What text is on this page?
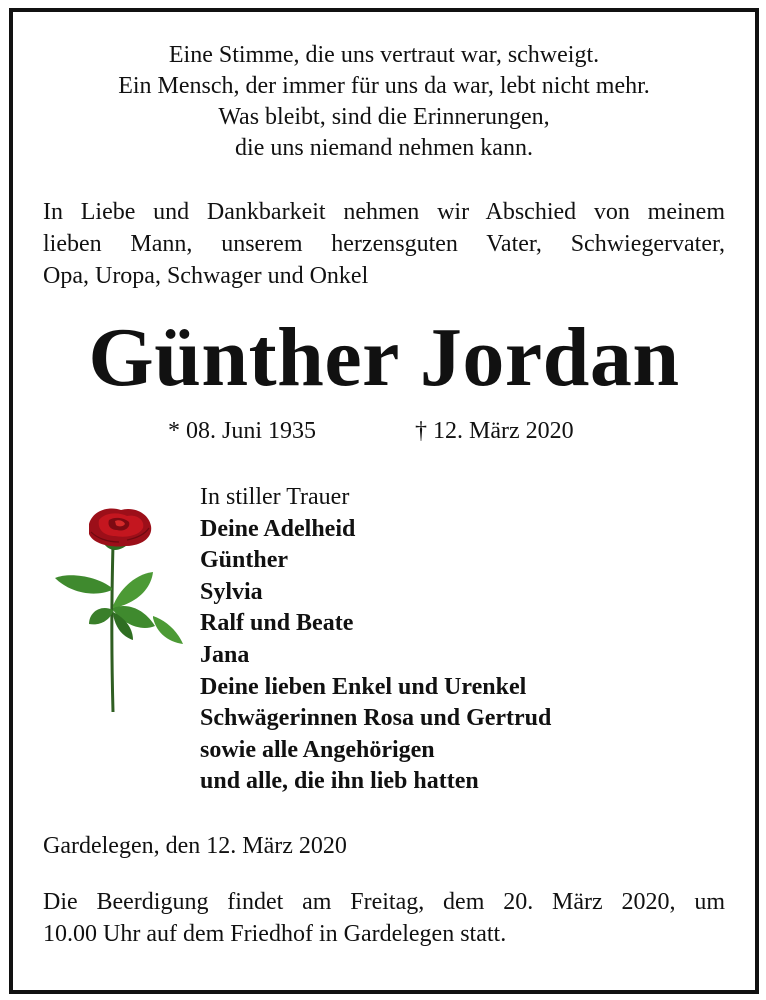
Eine Stimme, die uns vertraut war, schweigt.
Ein Mensch, der immer für uns da war, lebt nicht mehr.
Was bleibt, sind die Erinnerungen,
die uns niemand nehmen kann.
In Liebe und Dankbarkeit nehmen wir Abschied von meinem
lieben Mann, unserem herzensguten Vater, Schwiegervater,
Opa, Uropa, Schwager und Onkel
Günther Jordan
* 08. Juni 1935	† 12. März 2020
In stiller Trauer
Deine Adelheid
Günther
Sylvia
Ralf und Beate
Jana
Deine lieben Enkel und Urenkel
Schwägerinnen Rosa und Gertrud
sowie alle Angehörigen
und alle, die ihn lieb hatten
Gardelegen, den 12. März 2020
Die Beerdigung findet am Freitag, dem 20. März 2020, um
10.00 Uhr auf dem Friedhof in Gardelegen statt.
